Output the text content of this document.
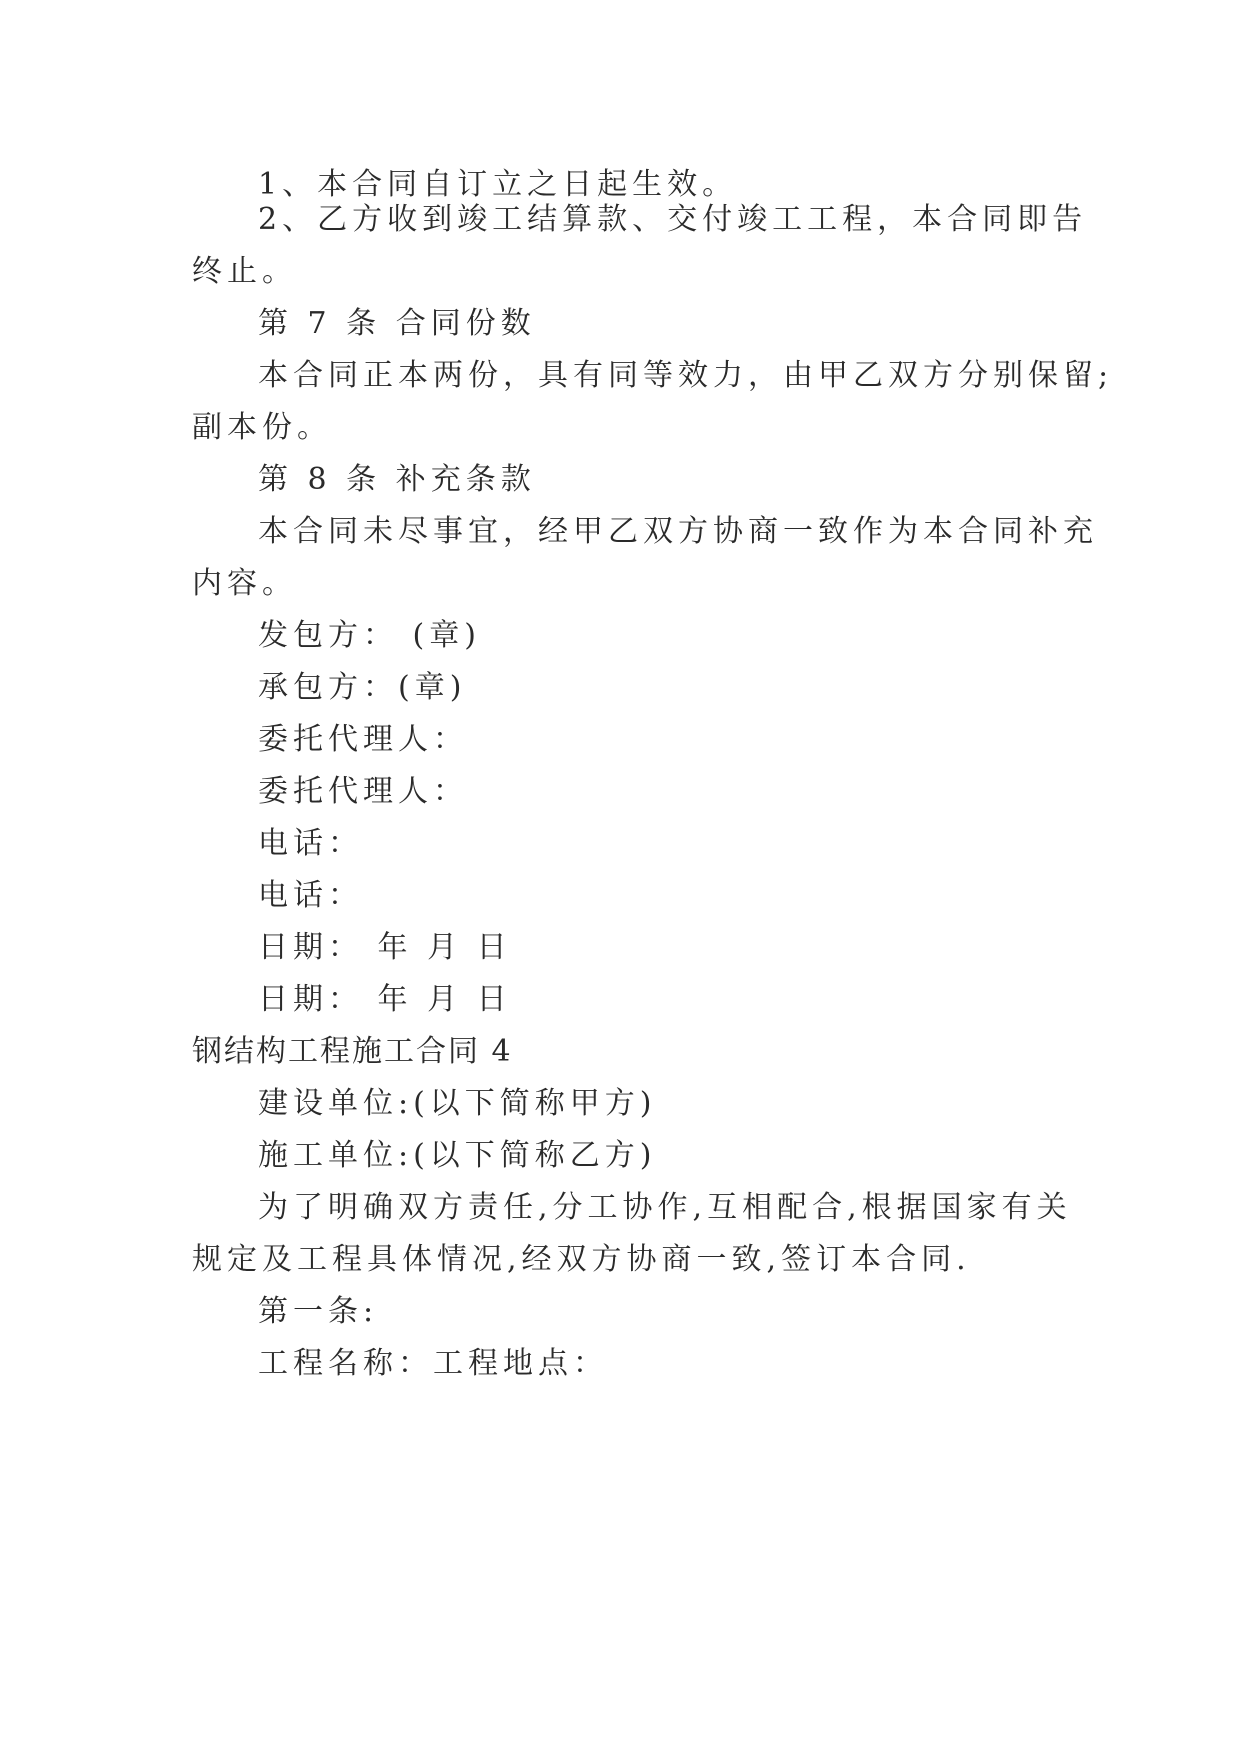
1、本合同自订立之日起生效。

2、乙方收到竣工结算款、交付竣工工程，本合同即告

终止。

第 7 条 合同份数

本合同正本两份，具有同等效力，由甲乙双方分别保留;

副本份。

第 8 条 补充条款

本合同未尽事宜，经甲乙双方协商一致作为本合同补充

内容。

发包方： (章)

承包方：(章)

委托代理人：

委托代理人：

电话：

电话：

日期： 年 月 日

日期： 年 月 日

钢结构工程施工合同 4

建设单位:(以下简称甲方)

施工单位:(以下简称乙方)

为了明确双方责任,分工协作,互相配合,根据国家有关

规定及工程具体情况,经双方协商一致,签订本合同.

第一条:

工程名称：工程地点：
